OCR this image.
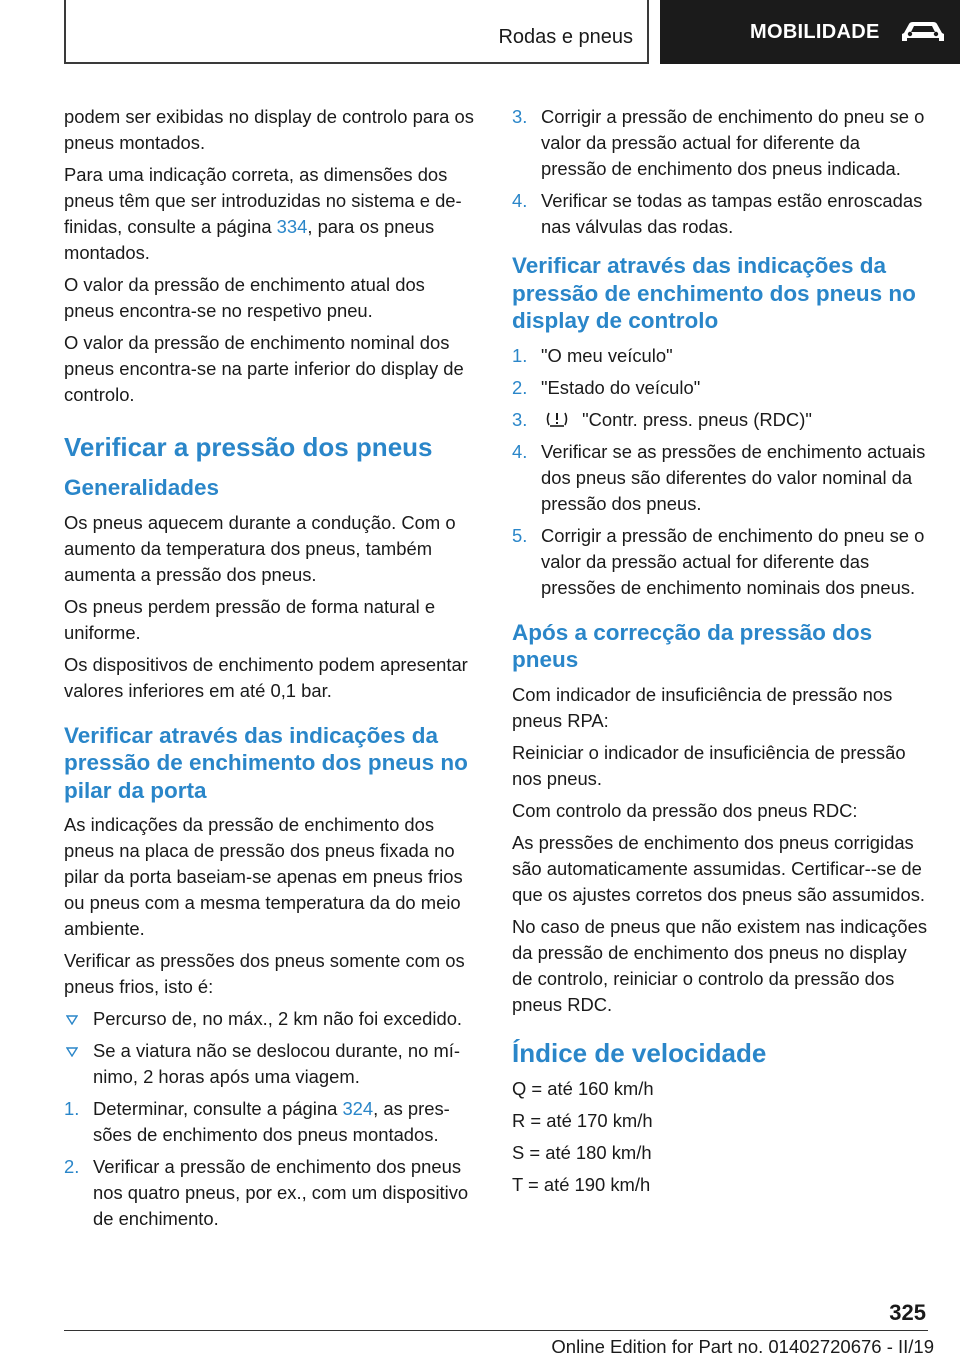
Rodas e pneus	MOBILIDADE

podem ser exibidas no display de controlo para os pneus montados.

Para uma indicação correta, as dimensões dos pneus têm que ser introduzidas no sistema e definidas, consulte a página 334, para os pneus montados.

O valor da pressão de enchimento atual dos pneus encontra-se no respetivo pneu.

O valor da pressão de enchimento nominal dos pneus encontra-se na parte inferior do display de controlo.

Verificar a pressão dos pneus
Generalidades

Os pneus aquecem durante a condução. Com o aumento da temperatura dos pneus, também aumenta a pressão dos pneus.

Os pneus perdem pressão de forma natural e uniforme.

Os dispositivos de enchimento podem apresentar valores inferiores em até 0,1 bar.

Verificar através das indicações da pressão de enchimento dos pneus no pilar da porta

As indicações da pressão de enchimento dos pneus na placa de pressão dos pneus fixada no pilar da porta baseiam-se apenas em pneus frios ou pneus com a mesma temperatura da do meio ambiente.

Verificar as pressões dos pneus somente com os pneus frios, isto é:

Percurso de, no máx., 2 km não foi excedido.
Se a viatura não se deslocou durante, no mínimo, 2 horas após uma viagem.
1. Determinar, consulte a página 324, as pressões de enchimento dos pneus montados.
2. Verificar a pressão de enchimento dos pneus nos quatro pneus, por ex., com um dispositivo de enchimento.
3. Corrigir a pressão de enchimento do pneu se o valor da pressão actual for diferente da pressão de enchimento dos pneus indicada.
4. Verificar se todas as tampas estão enroscadas nas válvulas das rodas.
Verificar através das indicações da pressão de enchimento dos pneus no display de controlo
1. "O meu veículo"
2. "Estado do veículo"
3.	"Contr. press. pneus (RDC)"
4. Verificar se as pressões de enchimento actuais dos pneus são diferentes do valor nominal da pressão dos pneus.
5. Corrigir a pressão de enchimento do pneu se o valor da pressão actual for diferente das pressões de enchimento nominais dos pneus.
Após a correcção da pressão dos pneus

Com indicador de insuficiência de pressão nos pneus RPA:

Reiniciar o indicador de insuficiência de pressão nos pneus.

Com controlo da pressão dos pneus RDC:

As pressões de enchimento dos pneus corrigidas são automaticamente assumidas. Certificar--se de que os ajustes corretos dos pneus são assumidos.

No caso de pneus que não existem nas indicações da pressão de enchimento dos pneus no display de controlo, reiniciar o controlo da pressão dos pneus RDC.

Índice de velocidade

Q = até 160 km/h

R = até 170 km/h

S = até 180 km/h

T = até 190 km/h

325
Online Edition for Part no. 01402720676 - II/19
